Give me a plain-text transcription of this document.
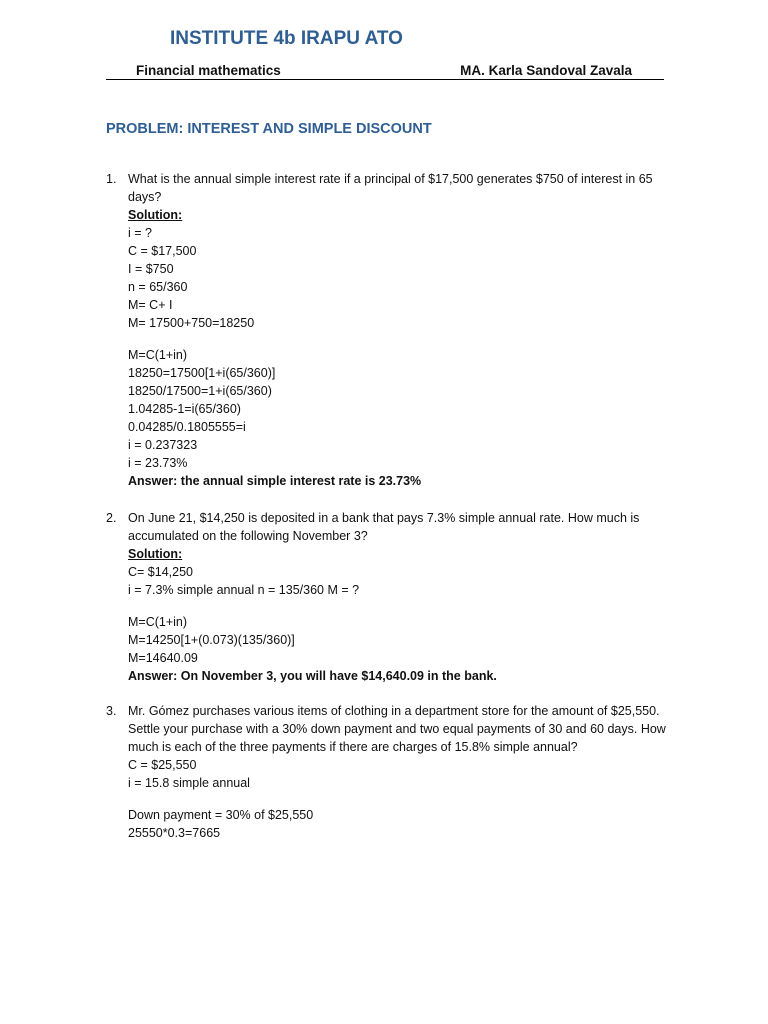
INSTITUTE 4b IRAPU ATO
Financial mathematics	MA. Karla Sandoval Zavala
PROBLEM: INTEREST AND SIMPLE DISCOUNT
1. What is the annual simple interest rate if a principal of $17,500 generates $750 of interest in 65 days?
Solution:
i = ?
C = $17,500
I = $750
n = 65/360
M= C+ I
M= 17500+750=18250
M=C(1+in)
18250=17500[1+i(65/360)]
18250/17500=1+i(65/360)
1.04285-1=i(65/360)
0.04285/0.1805555=i
i = 0.237323
i = 23.73%
Answer: the annual simple interest rate is 23.73%
2. On June 21, $14,250 is deposited in a bank that pays 7.3% simple annual rate. How much is accumulated on the following November 3?
Solution:
C= $14,250
i = 7.3% simple annual n = 135/360 M = ?
M=C(1+in)
M=14250[1+(0.073)(135/360)]
M=14640.09
Answer: On November 3, you will have $14,640.09 in the bank.
3. Mr. Gómez purchases various items of clothing in a department store for the amount of $25,550. Settle your purchase with a 30% down payment and two equal payments of 30 and 60 days. How much is each of the three payments if there are charges of 15.8% simple annual?
C = $25,550
i = 15.8 simple annual
Down payment = 30% of $25,550
25550*0.3=7665
